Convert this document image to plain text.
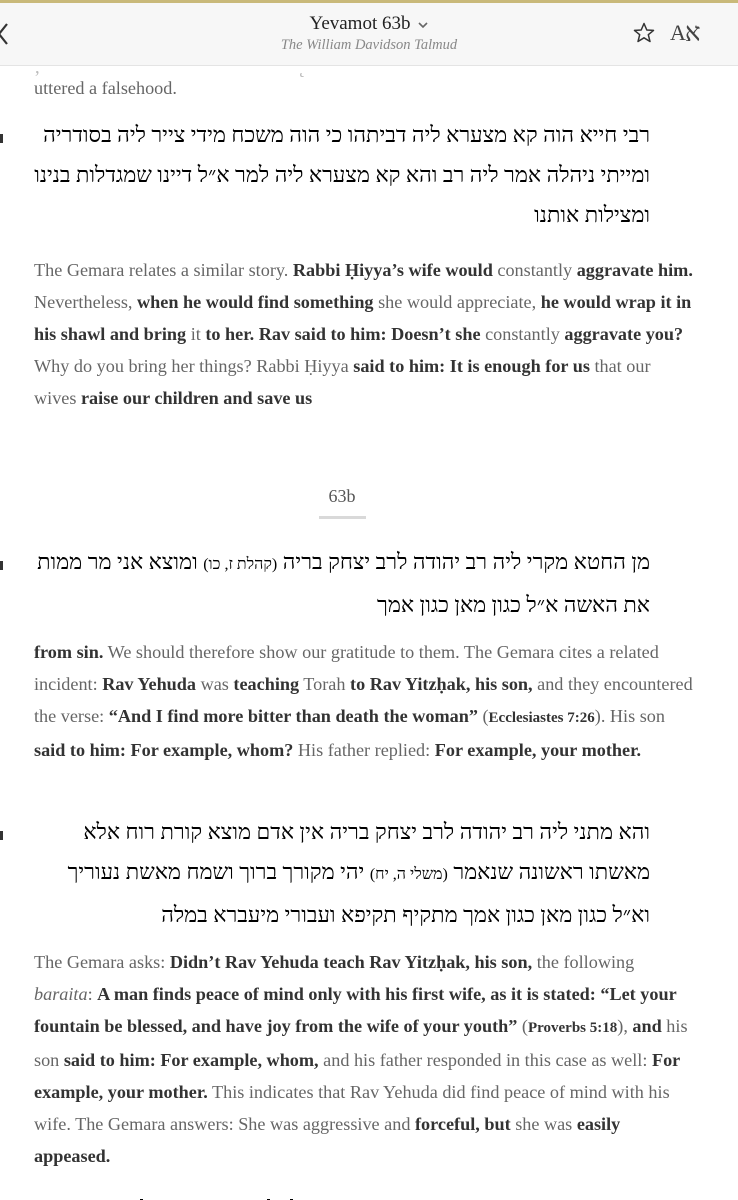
Yevamot 63b
The William Davidson Talmud	A א
‚                                      ˛
uttered a falsehood.
רבי חייא הוה קא מצערא ליה דביתהו כי הוה משכח מידי צייר ליה בסודריה ומייתי ניהלה אמר ליה רב והא קא מצערא ליה למר א״ל דיינו שמגדלות בנינו ומצילות אותנו
The Gemara relates a similar story. Rabbi Ḥiyya’s wife would constantly aggravate him. Nevertheless, when he would find something she would appreciate, he would wrap it in his shawl and bring it to her. Rav said to him: Doesn’t she constantly aggravate you? Why do you bring her things? Rabbi Ḥiyya said to him: It is enough for us that our wives raise our children and save us
63b
מן החטא מקרי ליה רב יהודה לרב יצחק בריה (קהלת ז, כו) ומוצא אני מר ממות את האשה א״ל כגון מאן כגון אמך
from sin. We should therefore show our gratitude to them. The Gemara cites a related incident: Rav Yehuda was teaching Torah to Rav Yitzḥak, his son, and they encountered the verse: “And I find more bitter than death the woman” (Ecclesiastes 7:26). His son said to him: For example, whom? His father replied: For example, your mother.
והא מתני ליה רב יהודה לרב יצחק בריה אין אדם מוצא קורת רוח אלא מאשתו ראשונה שנאמר (משלי ה, יח) יהי מקורך ברוך ושמח מאשת נעוריך וא״ל כגון מאן כגון אמך מתקיף תקיפא ועבורי מיעברא במלה
The Gemara asks: Didn’t Rav Yehuda teach Rav Yitzḥak, his son, the following baraita: A man finds peace of mind only with his first wife, as it is stated: “Let your fountain be blessed, and have joy from the wife of your youth” (Proverbs 5:18), and his son said to him: For example, whom, and his father responded in this case as well: For example, your mother. This indicates that Rav Yehuda did find peace of mind with his wife. The Gemara answers: She was aggressive and forceful, but she was easily appeased.
